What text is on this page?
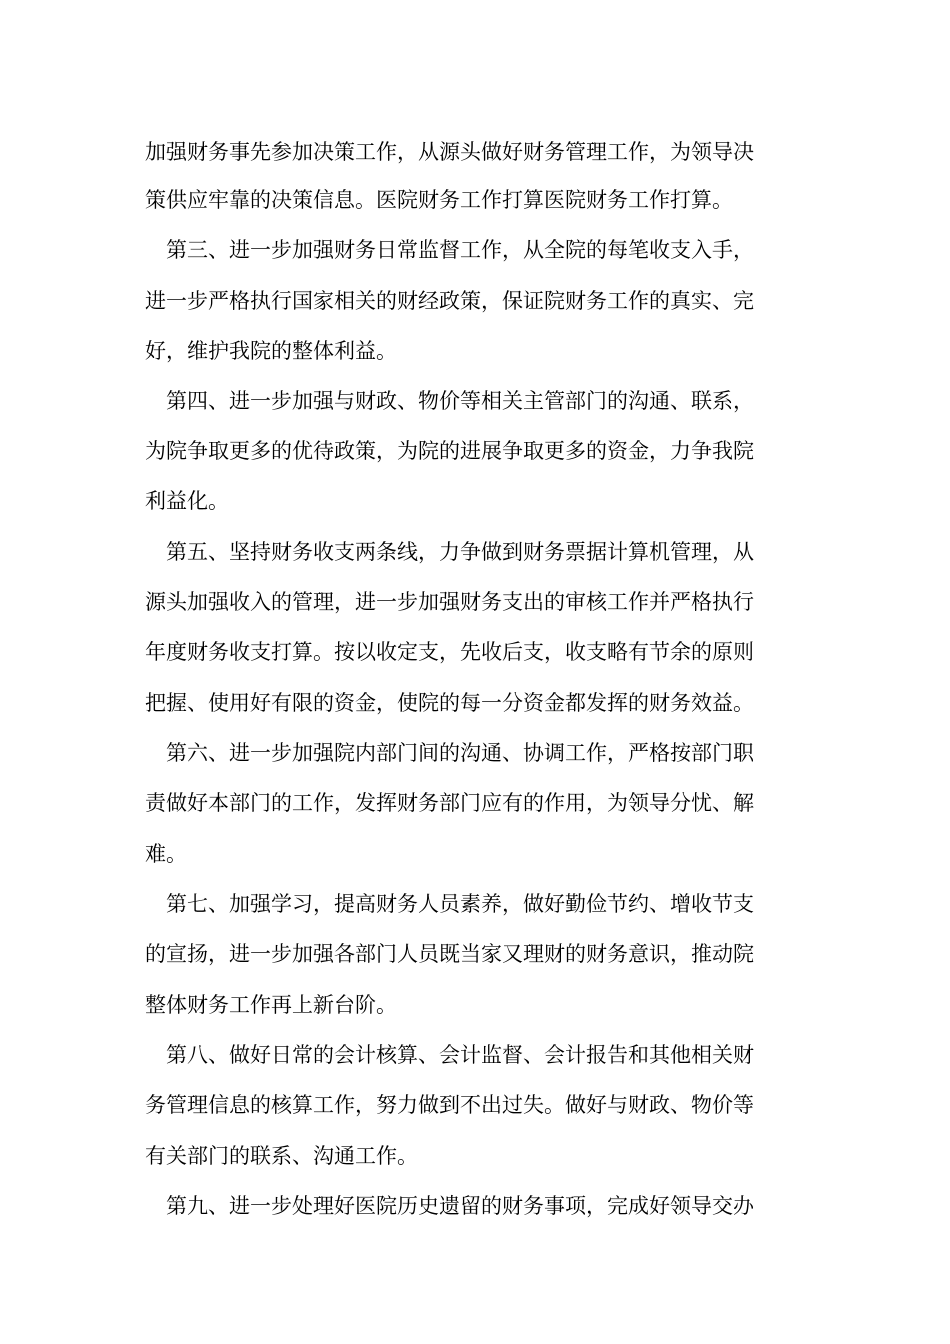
加强财务事先参加决策工作，从源头做好财务管理工作，为领导决
策供应牢靠的决策信息。医院财务工作打算医院财务工作打算。
第三、进一步加强财务日常监督工作，从全院的每笔收支入手，
进一步严格执行国家相关的财经政策，保证院财务工作的真实、完
好，维护我院的整体利益。
第四、进一步加强与财政、物价等相关主管部门的沟通、联系，
为院争取更多的优待政策，为院的进展争取更多的资金，力争我院
利益化。
第五、坚持财务收支两条线，力争做到财务票据计算机管理，从
源头加强收入的管理，进一步加强财务支出的审核工作并严格执行
年度财务收支打算。按以收定支，先收后支，收支略有节余的原则
把握、使用好有限的资金，使院的每一分资金都发挥的财务效益。
第六、进一步加强院内部门间的沟通、协调工作，严格按部门职
责做好本部门的工作，发挥财务部门应有的作用，为领导分忧、解
难。
第七、加强学习，提高财务人员素养，做好勤俭节约、增收节支
的宣扬，进一步加强各部门人员既当家又理财的财务意识，推动院
整体财务工作再上新台阶。
第八、做好日常的会计核算、会计监督、会计报告和其他相关财
务管理信息的核算工作，努力做到不出过失。做好与财政、物价等
有关部门的联系、沟通工作。
第九、进一步处理好医院历史遗留的财务事项，完成好领导交办
